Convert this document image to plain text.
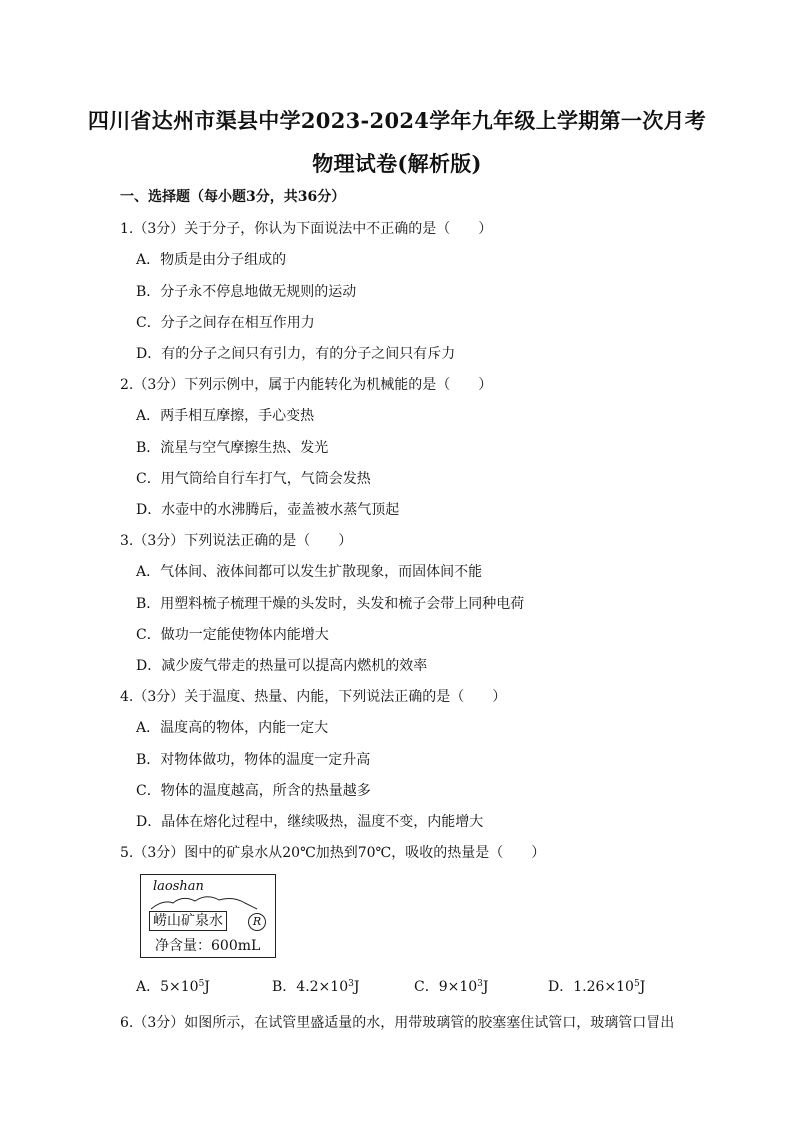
四川省达州市渠县中学2023-2024学年九年级上学期第一次月考
物理试卷(解析版)
一、选择题（每小题3分，共36分）
1.（3分）关于分子，你认为下面说法中不正确的是（　　）
A．物质是由分子组成的
B．分子永不停息地做无规则的运动
C．分子之间存在相互作用力
D．有的分子之间只有引力，有的分子之间只有斥力
2.（3分）下列示例中，属于内能转化为机械能的是（　　）
A．两手相互摩擦，手心变热
B．流星与空气摩擦生热、发光
C．用气筒给自行车打气，气筒会发热
D．水壶中的水沸腾后，壶盖被水蒸气顶起
3.（3分）下列说法正确的是（　　）
A．气体间、液体间都可以发生扩散现象，而固体间不能
B．用塑料梳子梳理干燥的头发时，头发和梳子会带上同种电荷
C．做功一定能使物体内能增大
D．减少废气带走的热量可以提高内燃机的效率
4.（3分）关于温度、热量、内能，下列说法正确的是（　　）
A．温度高的物体，内能一定大
B．对物体做功，物体的温度一定升高
C．物体的温度越高，所含的热量越多
D．晶体在熔化过程中，继续吸热，温度不变，内能增大
5.（3分）图中的矿泉水从20℃加热到70℃，吸收的热量是（　　）
laoshan
崂山矿泉水	R
净含量：600mL
A．$5\times 10^5J$	B．$4.2\times 10^3J$	C．$9\times 10^3J$	D．$1.26\times 10^5J$
6.（3分）如图所示，在试管里盛适量的水，用带玻璃管的胶塞塞住试管口，玻璃管口冒出
